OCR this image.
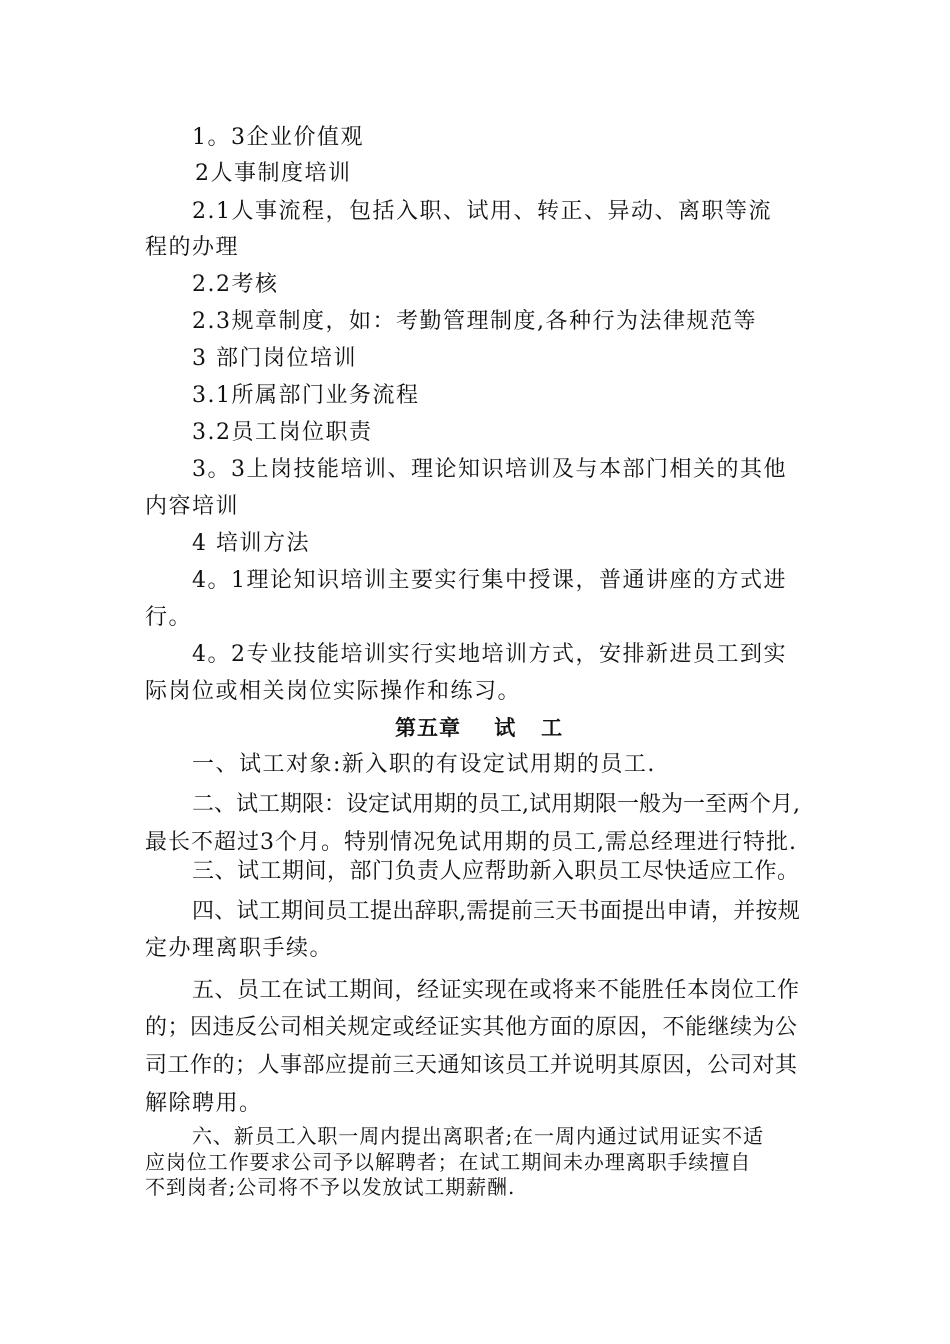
1。3企业价值观
2人事制度培训
2.1人事流程，包括入职、试用、转正、异动、离职等流
程的办理
2.2考核
2.3规章制度，如：考勤管理制度,各种行为法律规范等
3 部门岗位培训
3.1所属部门业务流程
3.2员工岗位职责
3。3上岗技能培训、理论知识培训及与本部门相关的其他
内容培训
4 培训方法
4。1理论知识培训主要实行集中授课，普通讲座的方式进
行。
4。2专业技能培训实行实地培训方式，安排新进员工到实
际岗位或相关岗位实际操作和练习。
第五章    试   工
一、试工对象:新入职的有设定试用期的员工.
二、试工期限：设定试用期的员工,试用期限一般为一至两个月,
最长不超过3个月。特别情况免试用期的员工,需总经理进行特批.
三、试工期间，部门负责人应帮助新入职员工尽快适应工作。
四、试工期间员工提出辞职,需提前三天书面提出申请，并按规
定办理离职手续。
五、员工在试工期间，经证实现在或将来不能胜任本岗位工作
的；因违反公司相关规定或经证实其他方面的原因，不能继续为公
司工作的；人事部应提前三天通知该员工并说明其原因，公司对其
解除聘用。
六、新员工入职一周内提出离职者;在一周内通过试用证实不适
应岗位工作要求公司予以解聘者；在试工期间未办理离职手续擅自
不到岗者;公司将不予以发放试工期薪酬.
